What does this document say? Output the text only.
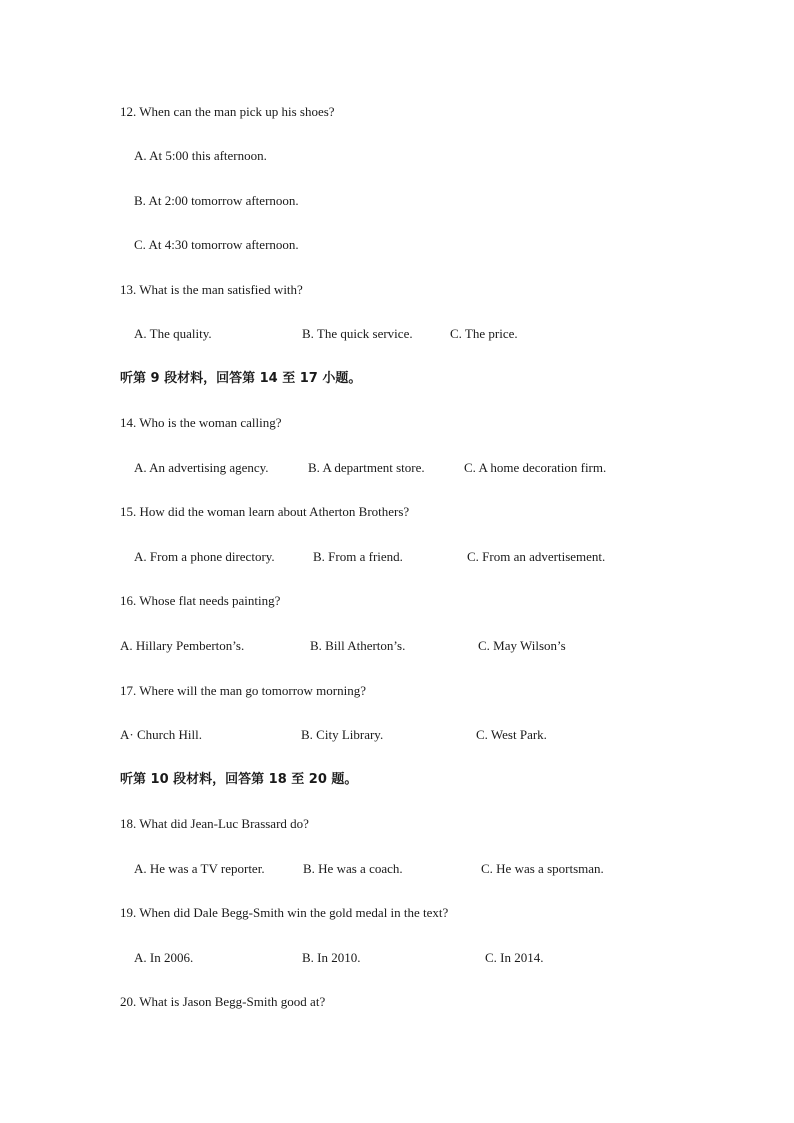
12. When can the man pick up his shoes?
A. At 5:00 this afternoon.
B. At 2:00 tomorrow afternoon.
C. At 4:30 tomorrow afternoon.
13. What is the man satisfied with?
A. The quality.	B. The quick service.	C. The price.
听第 9 段材料，回答第 14 至 17 小题。
14. Who is the woman calling?
A. An advertising agency.	B. A department store.	C. A home decoration firm.
15. How did the woman learn about Atherton Brothers?
A. From a phone directory.	B. From a friend.	C. From an advertisement.
16. Whose flat needs painting?
A. Hillary Pemberton’s.	B. Bill Atherton’s.	C. May Wilson’s
17. Where will the man go tomorrow morning?
A· Church Hill.	B. City Library.	C. West Park.
听第 10 段材料，回答第 18 至 20 题。
18. What did Jean-Luc Brassard do?
A. He was a TV reporter.	B. He was a coach.	C. He was a sportsman.
19. When did Dale Begg-Smith win the gold medal in the text?
A. In 2006.	B. In 2010.	C. In 2014.
20. What is Jason Begg-Smith good at?
